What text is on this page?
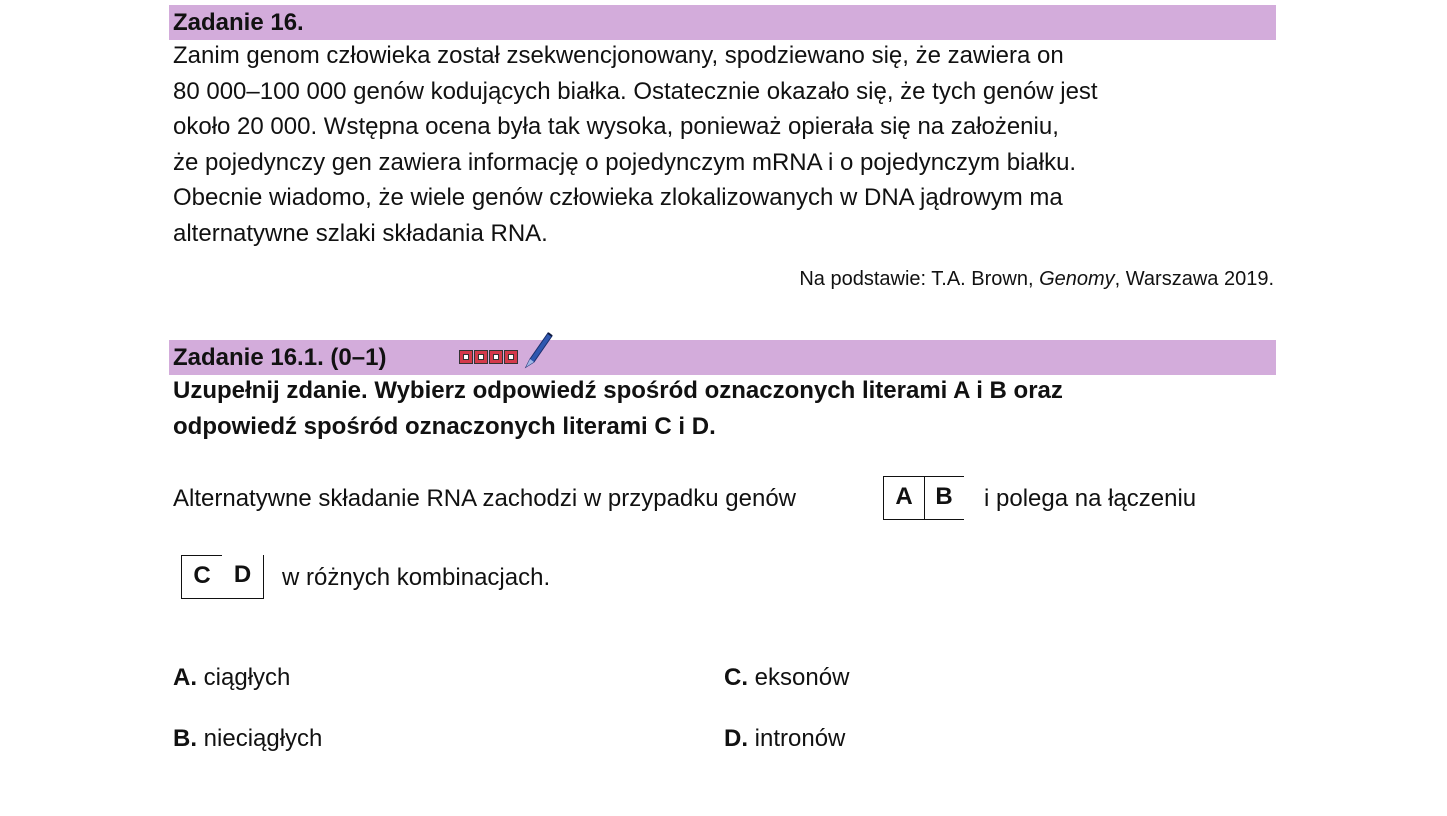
Zadanie 16.
Zanim genom człowieka został zsekwencjonowany, spodziewano się, że zawiera on
80 000–100 000 genów kodujących białka. Ostatecznie okazało się, że tych genów jest
około 20 000. Wstępna ocena była tak wysoka, ponieważ opierała się na założeniu,
że pojedynczy gen zawiera informację o pojedynczym mRNA i o pojedynczym białku.
Obecnie wiadomo, że wiele genów człowieka zlokalizowanych w DNA jądrowym ma
alternatywne szlaki składania RNA.
Na podstawie: T.A. Brown, Genomy, Warszawa 2019.
Zadanie 16.1. (0–1)
Uzupełnij zdanie. Wybierz odpowiedź spośród oznaczonych literami A i B oraz
odpowiedź spośród oznaczonych literami C i D.
Alternatywne składanie RNA zachodzi w przypadku genów	A B	i polega na łączeniu
C D	w różnych kombinacjach.
A. ciągłych
B. nieciągłych
C. eksonów
D. intronów
